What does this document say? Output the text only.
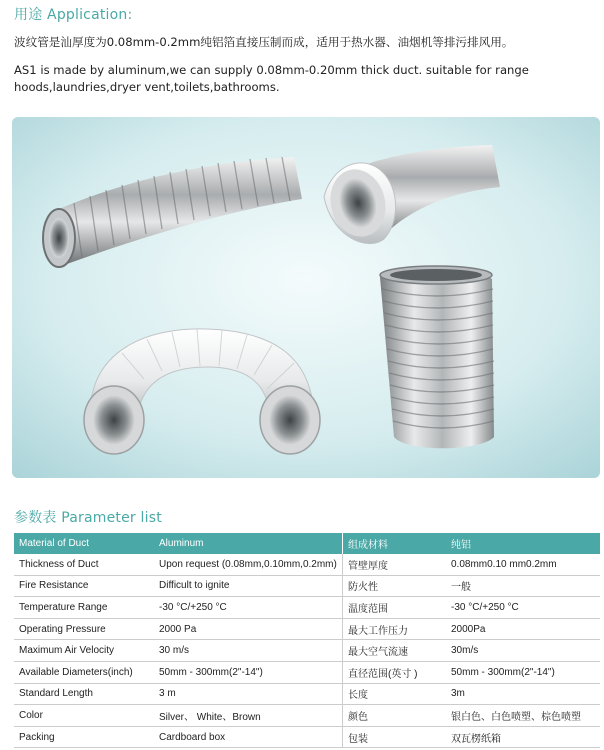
用途 Application:
波纹管是汕厚度为0.08mm-0.2mm纯铝箔直接压制而成，适用于热水器、油烟机等排污排风用。
AS1 is made by aluminum,we can supply 0.08mm-0.20mm thick duct. suitable for range hoods,laundries,dryer vent,toilets,bathrooms.
参数表 Parameter list
Material of Duct	Aluminum	组成材料	纯铝
Thickness of Duct	Upon request (0.08mm,0.10mm,0.2mm)	管壁厚度	0.08mm0.10 mm0.2mm
Fire Resistance	Difficult to ignite	防火性	一般
Temperature Range	-30 °C/+250 °C	温度范围	-30 °C/+250 °C
Operating Pressure	2000 Pa	最大工作压力	2000Pa
Maximum Air Velocity	30 m/s	最大空气流速	30m/s
Available Diameters(inch)	50mm - 300mm(2"-14")	直径范围(英寸 )	50mm - 300mm(2"-14")
Standard Length	3 m	长度	3m
Color	Silver、 White、Brown	颜色	银白色、白色喷塑、棕色喷塑
Packing	Cardboard box	包装	双瓦楞纸箱
